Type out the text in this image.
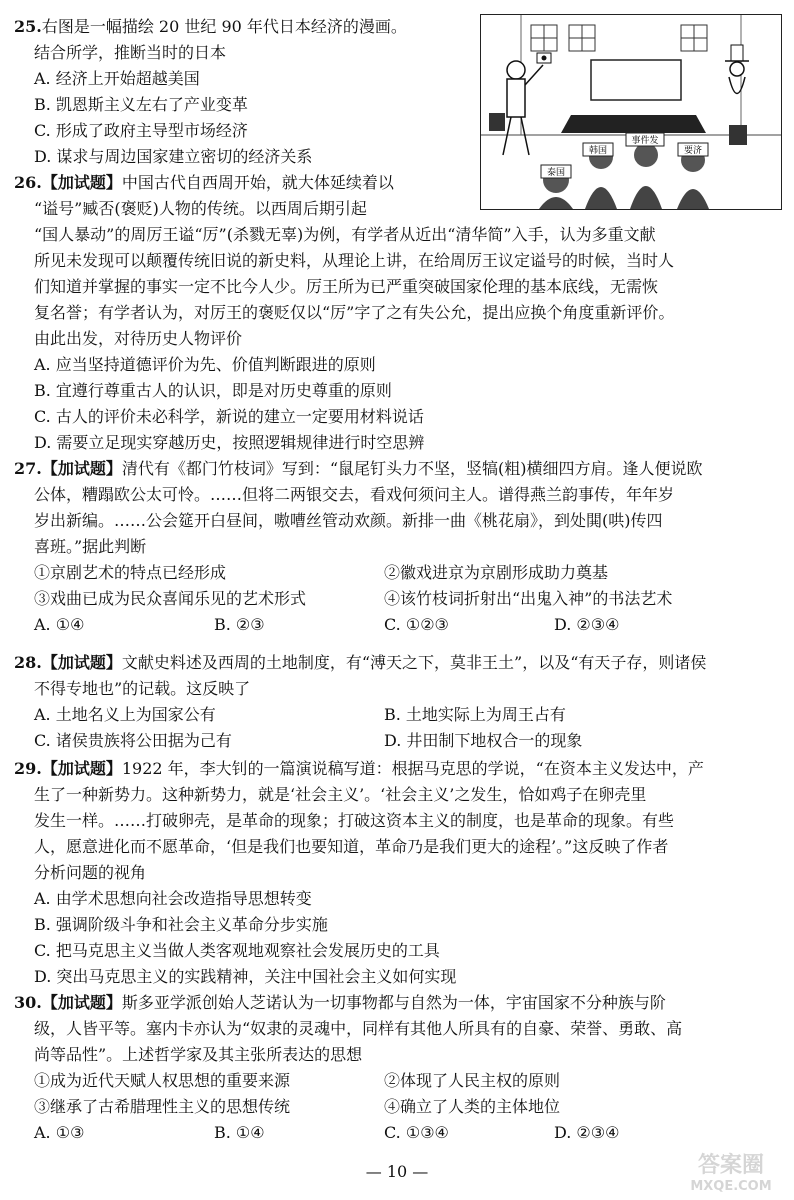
25.右图是一幅描绘 20 世纪 90 年代日本经济的漫画。
结合所学，推断当时的日本
A. 经济上开始超越美国
B. 凯恩斯主义左右了产业变革
C. 形成了政府主导型市场经济
D. 谋求与周边国家建立密切的经济关系
事件发
韩国
泰国
要济
26.【加试题】中国古代自西周开始，就大体延续着以
“谥号”臧否(褒贬)人物的传统。以西周后期引起
“国人暴动”的周厉王谥“厉”(杀戮无辜)为例，有学者从近出“清华简”入手，认为多重文献
所见未发现可以颠覆传统旧说的新史料，从理论上讲，在给周厉王议定谥号的时候，当时人
们知道并掌握的事实一定不比今人少。厉王所为已严重突破国家伦理的基本底线，无需恢
复名誉；有学者认为，对厉王的褒贬仅以“厉”字了之有失公允，提出应换个角度重新评价。
由此出发，对待历史人物评价
A. 应当坚持道德评价为先、价值判断跟进的原则
B. 宜遵行尊重古人的认识，即是对历史尊重的原则
C. 古人的评价未必科学，新说的建立一定要用材料说话
D. 需要立足现实穿越历史，按照逻辑规律进行时空思辨
27.【加试题】清代有《都门竹枝词》写到：“鼠尾钉头力不坚，竖犒(粗)横细四方肩。逢人便说欧
公体，糟蹋欧公太可怜。……但将二两银交去，看戏何须问主人。谱得燕兰韵事传，年年岁
岁出新编。……公会筵开白昼间，嗷嘈丝管动欢颜。新排一曲《桃花扇》，到处閧(哄)传四
喜班。”据此判断
①京剧艺术的特点已经形成	②徽戏进京为京剧形成助力奠基
③戏曲已成为民众喜闻乐见的艺术形式	④该竹枝词折射出“出鬼入神”的书法艺术
A. ①④	B. ②③	C. ①②③	D. ②③④
28.【加试题】文献史料述及西周的土地制度，有“溥天之下，莫非王土”，以及“有天子存，则诸侯
不得专地也”的记载。这反映了
A. 土地名义上为国家公有	B. 土地实际上为周王占有
C. 诸侯贵族将公田据为己有	D. 井田制下地权合一的现象
29.【加试题】1922 年，李大钊的一篇演说稿写道：根据马克思的学说，“在资本主义发达中，产
生了一种新势力。这种新势力，就是‘社会主义’。‘社会主义’之发生，恰如鸡子在卵壳里
发生一样。……打破卵壳，是革命的现象；打破这资本主义的制度，也是革命的现象。有些
人，愿意进化而不愿革命，‘但是我们也要知道，革命乃是我们更大的途程’。”这反映了作者
分析问题的视角
A. 由学术思想向社会改造指导思想转变
B. 强调阶级斗争和社会主义革命分步实施
C. 把马克思主义当做人类客观地观察社会发展历史的工具
D. 突出马克思主义的实践精神，关注中国社会主义如何实现
30.【加试题】斯多亚学派创始人芝诺认为一切事物都与自然为一体，宇宙国家不分种族与阶
级，人皆平等。塞内卡亦认为“奴隶的灵魂中，同样有其他人所具有的自豪、荣誉、勇敢、高
尚等品性”。上述哲学家及其主张所表达的思想
①成为近代天赋人权思想的重要来源	②体现了人民主权的原则
③继承了古希腊理性主义的思想传统	④确立了人类的主体地位
A. ①③	B. ①④	C. ①③④	D. ②③④
— 10 —	答案圈
MXQE.COM
